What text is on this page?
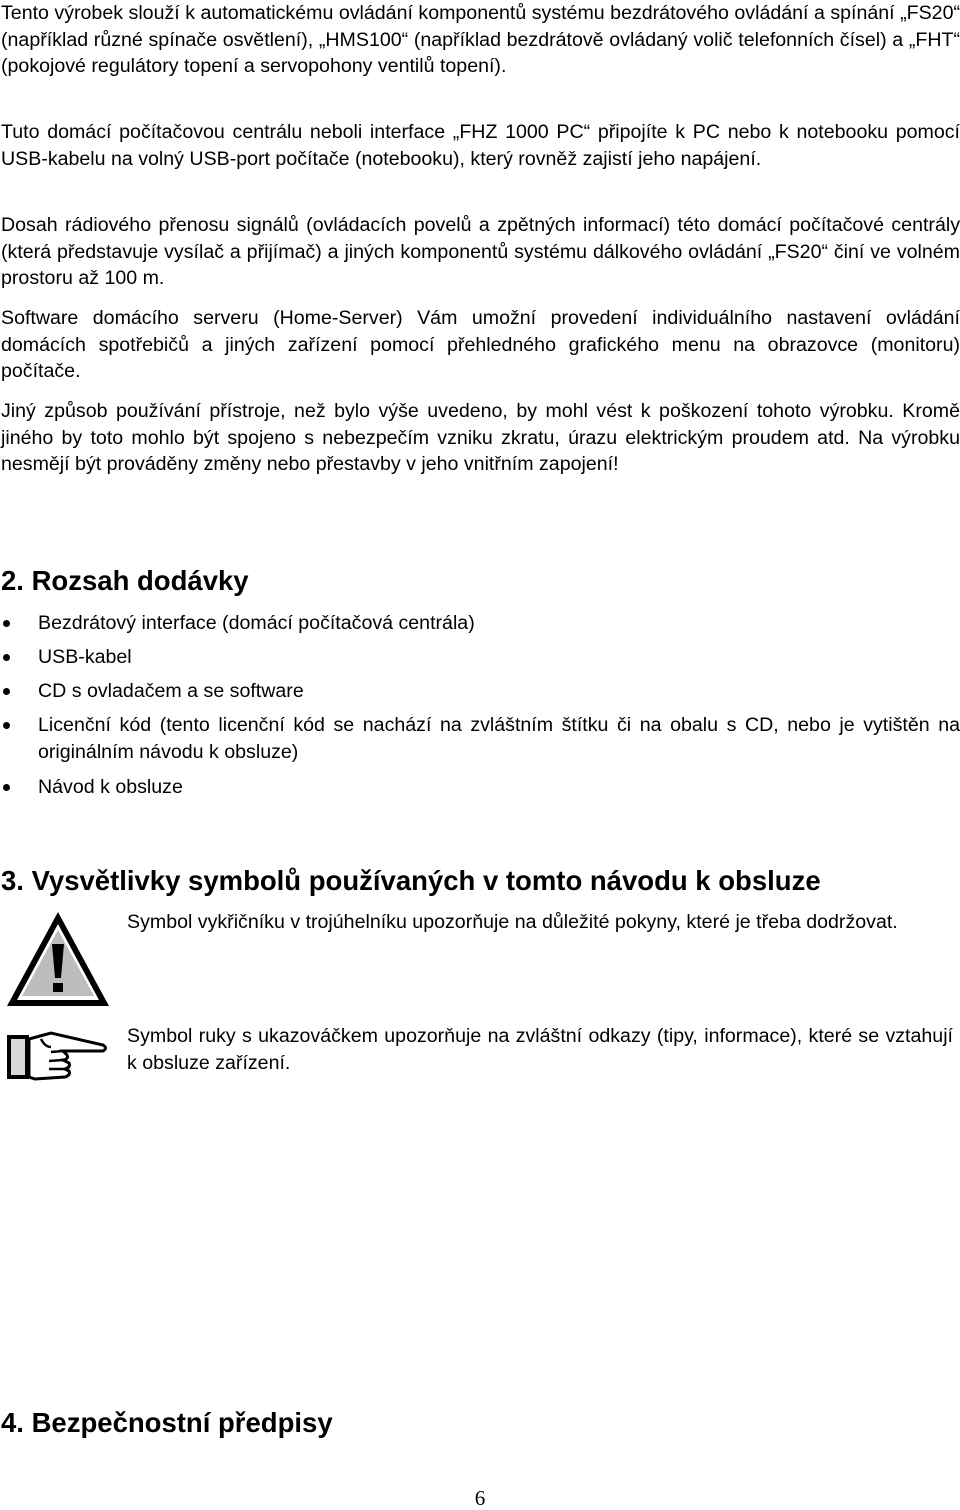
Tento výrobek slouží k automatickému ovládání komponentů systému bezdrátového ovládání a spínání „FS20“ (například různé spínače osvětlení), „HMS100“ (například bezdrátově ovládaný volič telefonních čísel) a „FHT“ (pokojové regulátory topení a servopohony ventilů topení).

Tuto domácí počítačovou centrálu neboli interface „FHZ 1000 PC“ připojíte k PC nebo k notebooku pomocí USB-kabelu na volný USB-port počítače (notebooku), který rovněž zajistí jeho napájení.

Dosah rádiového přenosu signálů (ovládacích povelů a zpětných informací) této domácí počítačové centrály (která představuje vysílač a přijímač) a jiných komponentů systému dálkového ovládání „FS20“ činí ve volném prostoru až 100 m.

Software domácího serveru (Home-Server) Vám umožní provedení individuálního nastavení ovládání domácích spotřebičů a jiných zařízení pomocí přehledného grafického menu na obrazovce (monitoru) počítače.

Jiný způsob používání přístroje, než bylo výše uvedeno, by mohl vést k poškození tohoto výrobku. Kromě jiného by toto mohlo být spojeno s nebezpečím vzniku zkratu, úrazu elektrickým proudem atd. Na výrobku nesmějí být prováděny změny nebo přestavby v jeho vnitřním zapojení!

2. Rozsah dodávky
Bezdrátový interface (domácí počítačová centrála)
USB-kabel
CD s ovladačem a se software
Licenční kód (tento licenční kód se nachází na zvláštním štítku či na obalu s CD, nebo je vytištěn na originálním návodu k obsluze)
Návod k obsluze
3. Vysvětlivky symbolů používaných v tomto návodu k obsluze

Symbol vykřičníku v trojúhelníku upozorňuje na důležité pokyny, které je třeba dodržovat.

Symbol ruky s ukazováčkem upozorňuje na zvláštní odkazy (tipy, informace), které se vztahují k obsluze zařízení.

4. Bezpečnostní předpisy
6
